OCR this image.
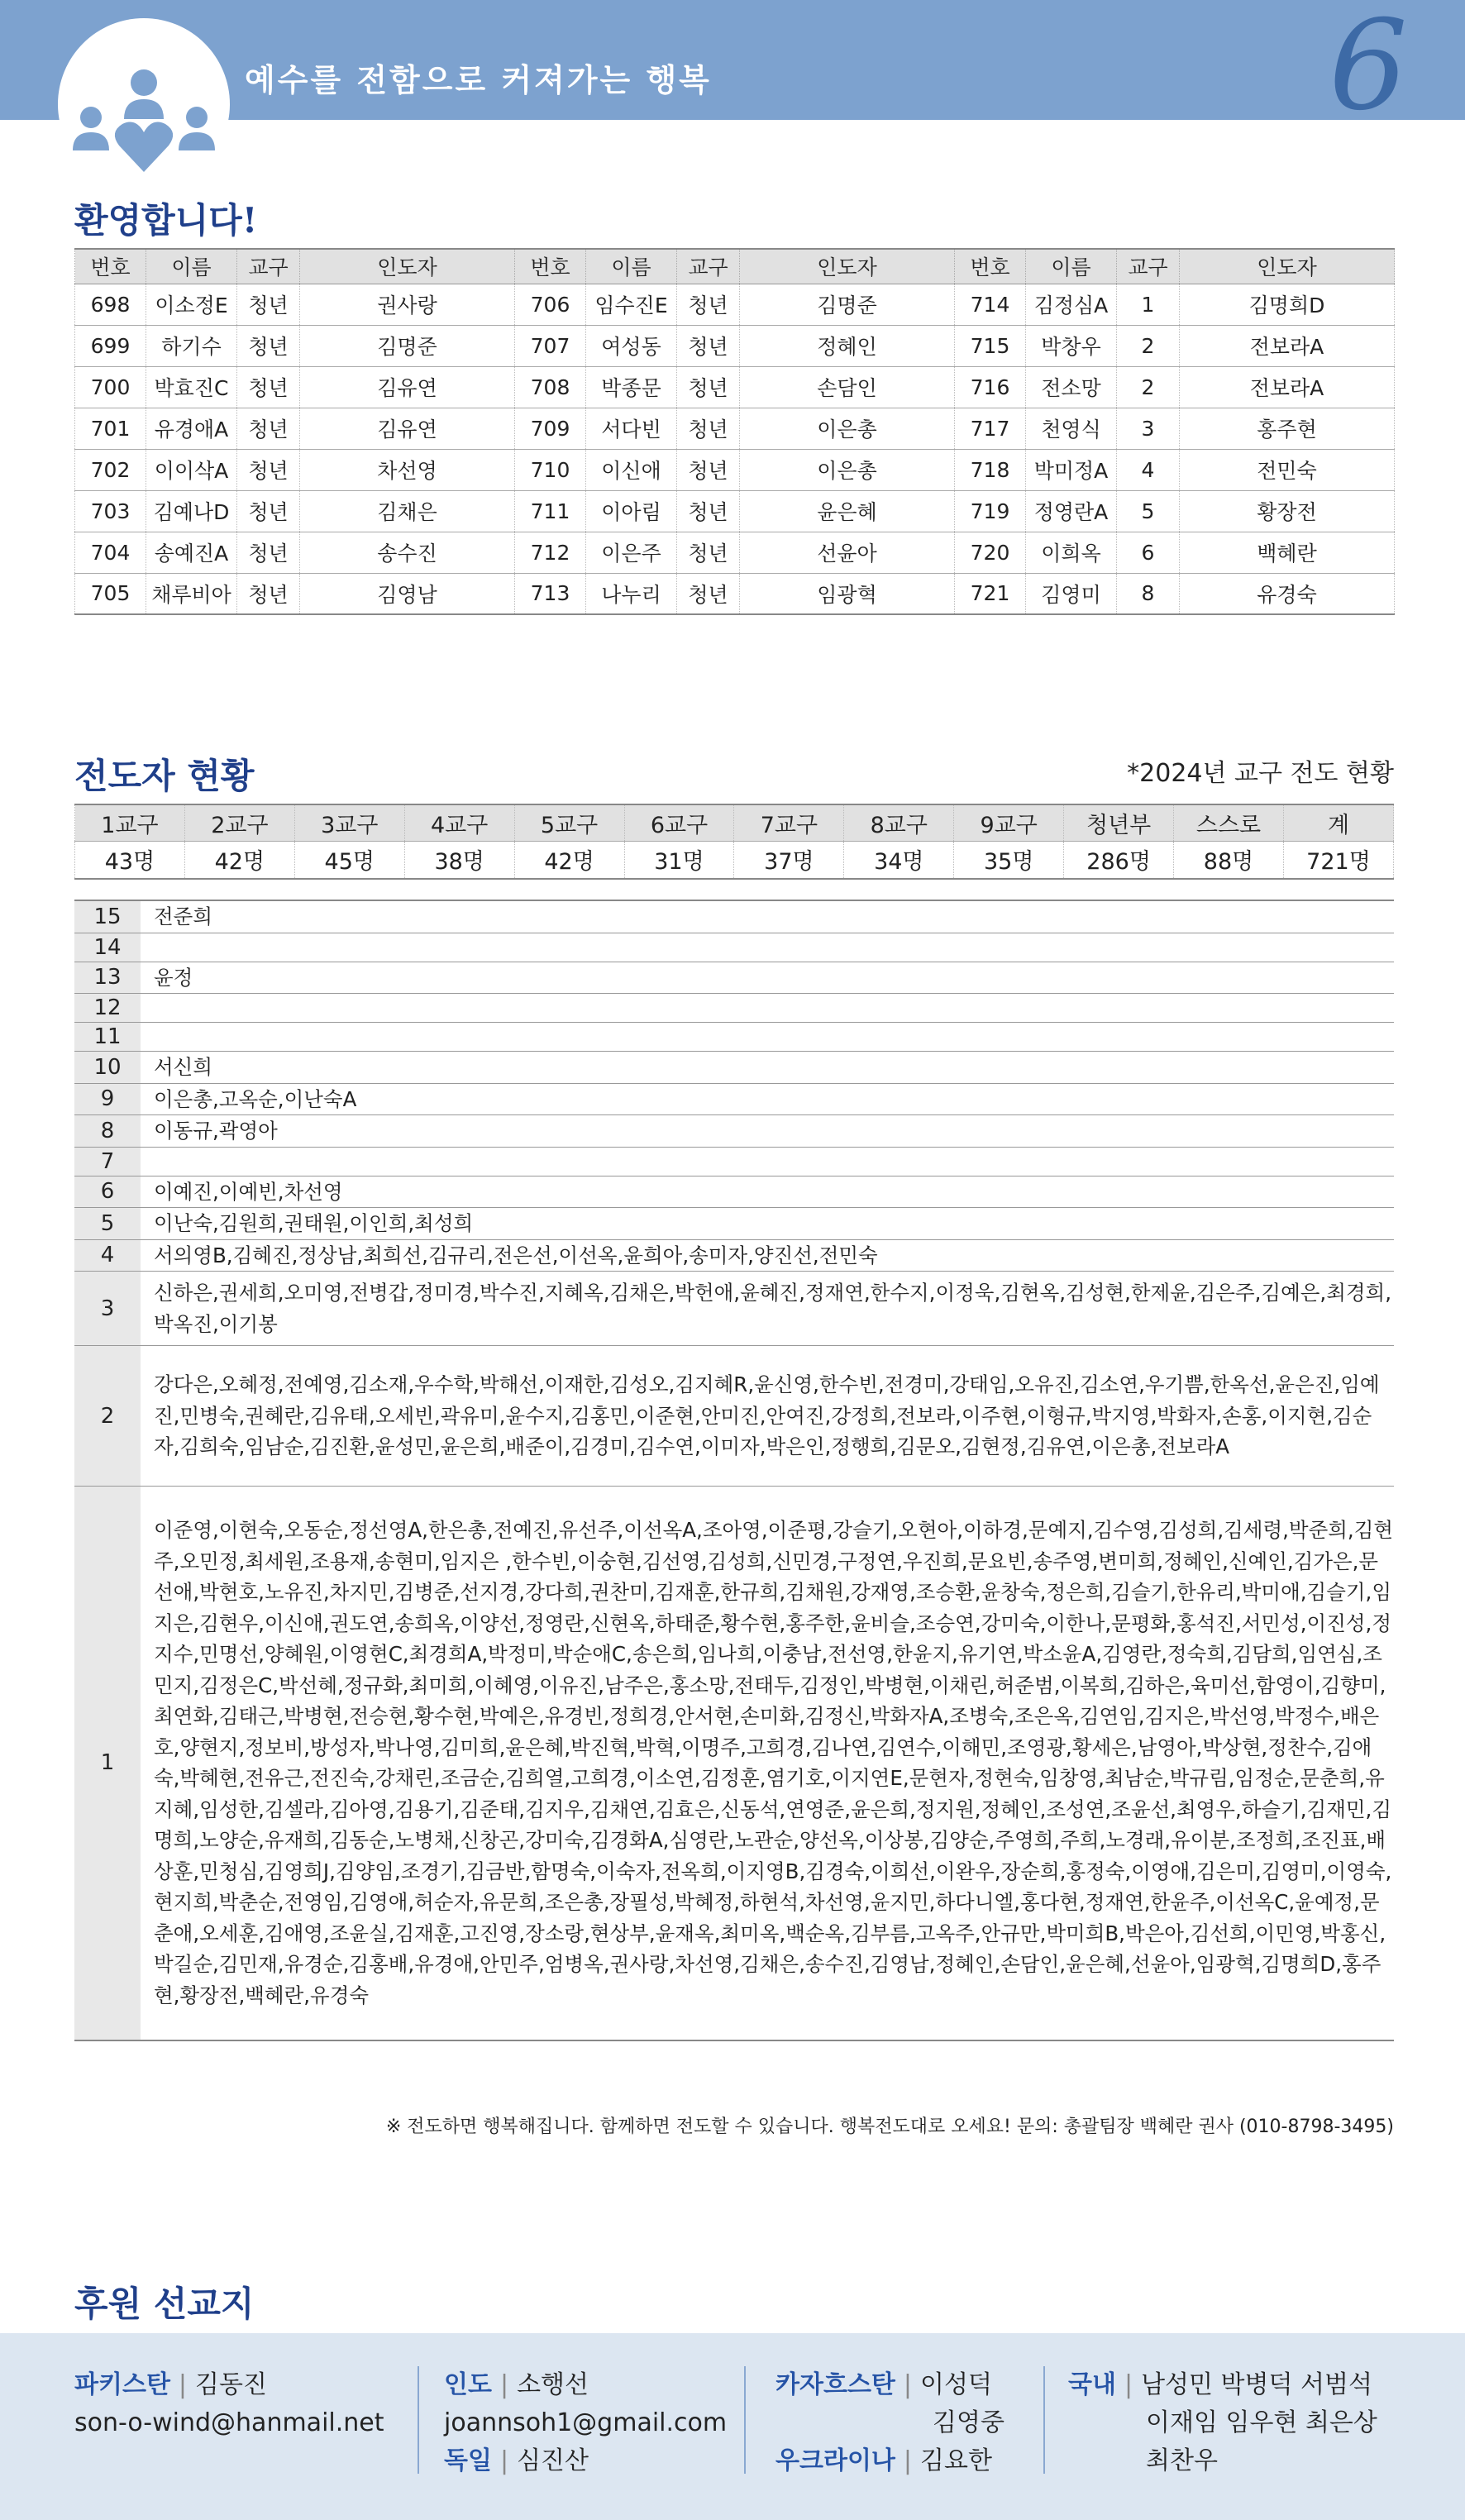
예수를 전함으로 커져가는 행복	6
환영합니다!
번호	이름	교구	인도자	번호	이름	교구	인도자	번호	이름	교구	인도자
698	이소정E	청년	권사랑	706	임수진E	청년	김명준	714	김정심A	1	김명희D
699	하기수	청년	김명준	707	여성동	청년	정혜인	715	박창우	2	전보라A
700	박효진C	청년	김유연	708	박종문	청년	손담인	716	전소망	2	전보라A
701	유경애A	청년	김유연	709	서다빈	청년	이은총	717	천영식	3	홍주현
702	이이삭A	청년	차선영	710	이신애	청년	이은총	718	박미정A	4	전민숙
703	김예나D	청년	김채은	711	이아림	청년	윤은혜	719	정영란A	5	황장전
704	송예진A	청년	송수진	712	이은주	청년	선윤아	720	이희옥	6	백혜란
705	채루비아	청년	김영남	713	나누리	청년	임광혁	721	김영미	8	유경숙
전도자 현황	*2024년 교구 전도 현황
1교구	2교구	3교구	4교구	5교구	6교구	7교구	8교구	9교구	청년부	스스로	계
43명	42명	45명	38명	42명	31명	37명	34명	35명	286명	88명	721명
15	전준희
14	
13	윤정
12	
11	
10	서신희
9	이은총,고옥순,이난숙A
8	이동규,곽영아
7	
6	이예진,이예빈,차선영
5	이난숙,김원희,권태원,이인희,최성희
4	서의영B,김혜진,정상남,최희선,김규리,전은선,이선옥,윤희아,송미자,양진선,전민숙
3	신하은,권세희,오미영,전병갑,정미경,박수진,지혜옥,김채은,박헌애,윤혜진,정재연,한수지,이정욱,김현옥,김성현,한제윤,김은주,김예은,최경희,박옥진,이기봉
2	강다은,오혜정,전예영,김소재,우수학,박해선,이재한,김성오,김지혜R,윤신영,한수빈,전경미,강태임,오유진,김소연,우기쁨,한옥선,윤은진,임예진,민병숙,권혜란,김유태,오세빈,곽유미,윤수지,김홍민,이준현,안미진,안여진,강정희,전보라,이주현,이형규,박지영,박화자,손홍,이지현,김순자,김희숙,임남순,김진환,윤성민,윤은희,배준이,김경미,김수연,이미자,박은인,정행희,김문오,김현정,김유연,이은총,전보라A
1	이준영,이현숙,오동순,정선영A,한은총,전예진,유선주,이선옥A,조아영,이준평,강슬기,오현아,이하경,문예지,김수영,김성희,김세령,박준희,김현주,오민정,최세원,조용재,송현미,임지은 ,한수빈,이숭현,김선영,김성희,신민경,구정연,우진희,문요빈,송주영,변미희,정혜인,신예인,김가은,문선애,박현호,노유진,차지민,김병준,선지경,강다희,권찬미,김재훈,한규희,김채원,강재영,조승환,윤창숙,정은희,김슬기,한유리,박미애,김슬기,임지은,김현우,이신애,권도연,송희옥,이양선,정영란,신현옥,하태준,황수현,홍주한,윤비슬,조승연,강미숙,이한나,문평화,홍석진,서민성,이진성,정지수,민명선,양혜원,이영현C,최경희A,박정미,박순애C,송은희,임나희,이충남,전선영,한윤지,유기연,박소윤A,김영란,정숙희,김담희,임연심,조민지,김정은C,박선혜,정규화,최미희,이혜영,이유진,남주은,홍소망,전태두,김정인,박병현,이채린,허준범,이복희,김하은,육미선,함영이,김향미,최연화,김태근,박병현,전승현,황수현,박예은,유경빈,정희경,안서현,손미화,김정신,박화자A,조병숙,조은옥,김연임,김지은,박선영,박정수,배은호,양현지,정보비,방성자,박나영,김미희,윤은혜,박진혁,박혁,이명주,고희경,김나연,김연수,이해민,조영광,황세은,남영아,박상현,정찬수,김애숙,박혜현,전유근,전진숙,강채린,조금순,김희열,고희경,이소연,김정훈,염기호,이지연E,문현자,정현숙,임창영,최남순,박규림,임정순,문춘희,유지혜,임성한,김셀라,김아영,김용기,김준태,김지우,김채연,김효은,신동석,연영준,윤은희,정지원,정혜인,조성연,조윤선,최영우,하슬기,김재민,김명희,노양순,유재희,김동순,노병채,신창곤,강미숙,김경화A,심영란,노관순,양선옥,이상봉,김양순,주영희,주희,노경래,유이분,조정희,조진표,배상훈,민청심,김영희J,김양임,조경기,김금반,함명숙,이숙자,전옥희,이지영B,김경숙,이희선,이완우,장순희,홍정숙,이영애,김은미,김영미,이영숙,현지희,박춘순,전영임,김영애,허순자,유문희,조은총,장필성,박혜정,하현석,차선영,윤지민,하다니엘,홍다현,정재연,한윤주,이선옥C,윤예정,문춘애,오세훈,김애영,조윤실,김재훈,고진영,장소랑,현상부,윤재옥,최미옥,백순옥,김부름,고옥주,안규만,박미희B,박은아,김선희,이민영,박홍신,박길순,김민재,유경순,김홍배,유경애,안민주,엄병옥,권사랑,차선영,김채은,송수진,김영남,정혜인,손담인,윤은혜,선윤아,임광혁,김명희D,홍주현,황장전,백혜란,유경숙
※ 전도하면 행복해집니다. 함께하면 전도할 수 있습니다. 행복전도대로 오세요! 문의: 총괄팀장 백혜란 권사 (010-8798-3495)
후원 선교지
파키스탄 | 김동진
son-o-wind@hanmail.net
인도 | 소행선
joannsoh1@gmail.com
독일 | 심진산
카자흐스탄 | 이성덕
김영중
우크라이나 | 김요한
국내 | 남성민 박병덕 서범석
이재임 임우현 최은상
최찬우
